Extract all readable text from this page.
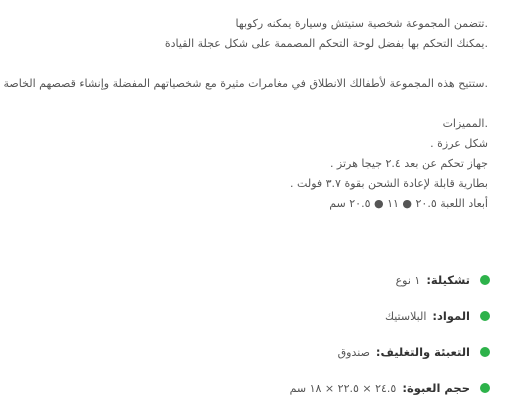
.تتضمن المجموعة شخصية ستيتش وسيارة يمكنه ركوبها

.يمكنك التحكم بها بفضل لوحة التحكم المصممة على شكل عجلة القيادة

.ستتيح هذه المجموعة لأطفالك الانطلاق في مغامرات مثيرة مع شخصياتهم المفضلة وإنشاء قصصهم الخاصة

.المميزات

شكل عرزة .
جهاز تحكم عن بعد ٢.٤ جيجا هرتز .
بطارية قابلة لإعادة الشحن بقوة ٣.٧ فولت .
أبعاد اللعبة ٢٠.٥ ● ١١ ● ٢٠.٥ سم
تشكيلة:
١ نوع
المواد:
البلاستيك
التعبئة والتغليف:
صندوق
حجم العبوة:
٢٤.٥ × ٢٢.٥ × ١٨ سم
